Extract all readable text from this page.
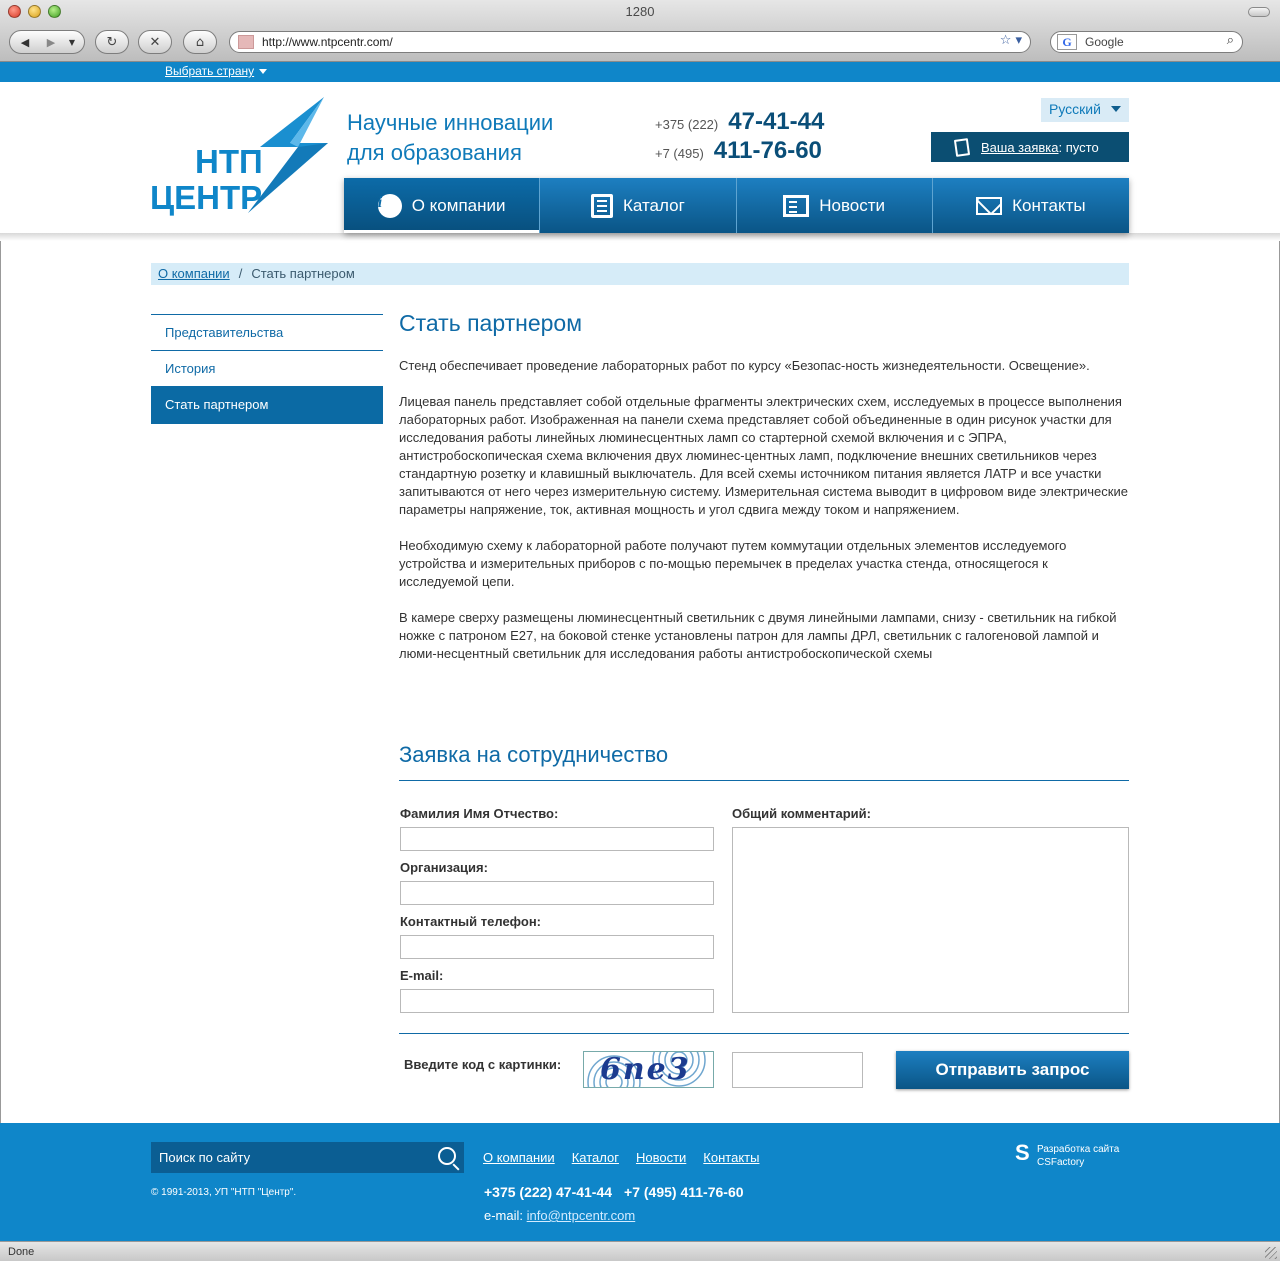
1280
◀	▶	▼	↻	✕	⌂	http://www.ntpcentr.com/	☆ ▾	G	Google	⌕
Выбрать страну
НТП
ЦЕНТР
Научные инновации
для образования
+375 (222) 47-41-44
+7 (495) 411-76-60
Русский
Ваша заявка : пусто
i	О компании	Каталог	Новости	Контакты
О компании / Стать партнером
Представительства
История
Стать партнером
Стать партнером

Стенд обеспечивает проведение лабораторных работ по курсу «Безопас-ность жизнедеятельности. Освещение».

Лицевая панель представляет собой отдельные фрагменты электрических схем, исследуемых в процессе выполнения лабораторных работ. Изображенная на панели схема представляет собой объединенные в один рисунок участки для исследования работы линейных люминесцентных ламп со стартерной схемой включения и с ЭПРА, антистробоскопическая схема включения двух люминес-центных ламп, подключение внешних светильников через стандартную розетку и клавишный выключатель. Для всей схемы источником питания является ЛАТР и все участки запитываются от него через измерительную систему. Измерительная система выводит в цифровом виде электрические параметры напряжение, ток, активная мощность и угол сдвига между током и напряжением.

Необходимую схему к лабораторной работе получают путем коммутации отдельных элементов исследуемого устройства и измерительных приборов с по-мощью перемычек в пределах участка стенда, относящегося к исследуемой цепи.

В камере сверху размещены люминесцентный светильник с двумя линейными лампами, снизу - светильник на гибкой ножке с патроном Е27, на боковой стенке установлены патрон для лампы ДРЛ, светильник с галогеновой лампой и люми-несцентный светильник для исследования работы антистробоскопической схемы

Заявка на сотрудничество
Фамилия Имя Отчество:
Организация:
Контактный телефон:
E-mail:
Общий комментарий:
Введите код с картинки: 6ne3	Отправить запрос
Поиск по сайту	О компании Каталог Новости Контакты
© 1991-2013, УП "НТП "Центр".	+375 (222) 47-41-44 +7 (495) 411-76-60
e-mail: info@ntpcentr.com
S Разработка сайта
CSFactory
Done
